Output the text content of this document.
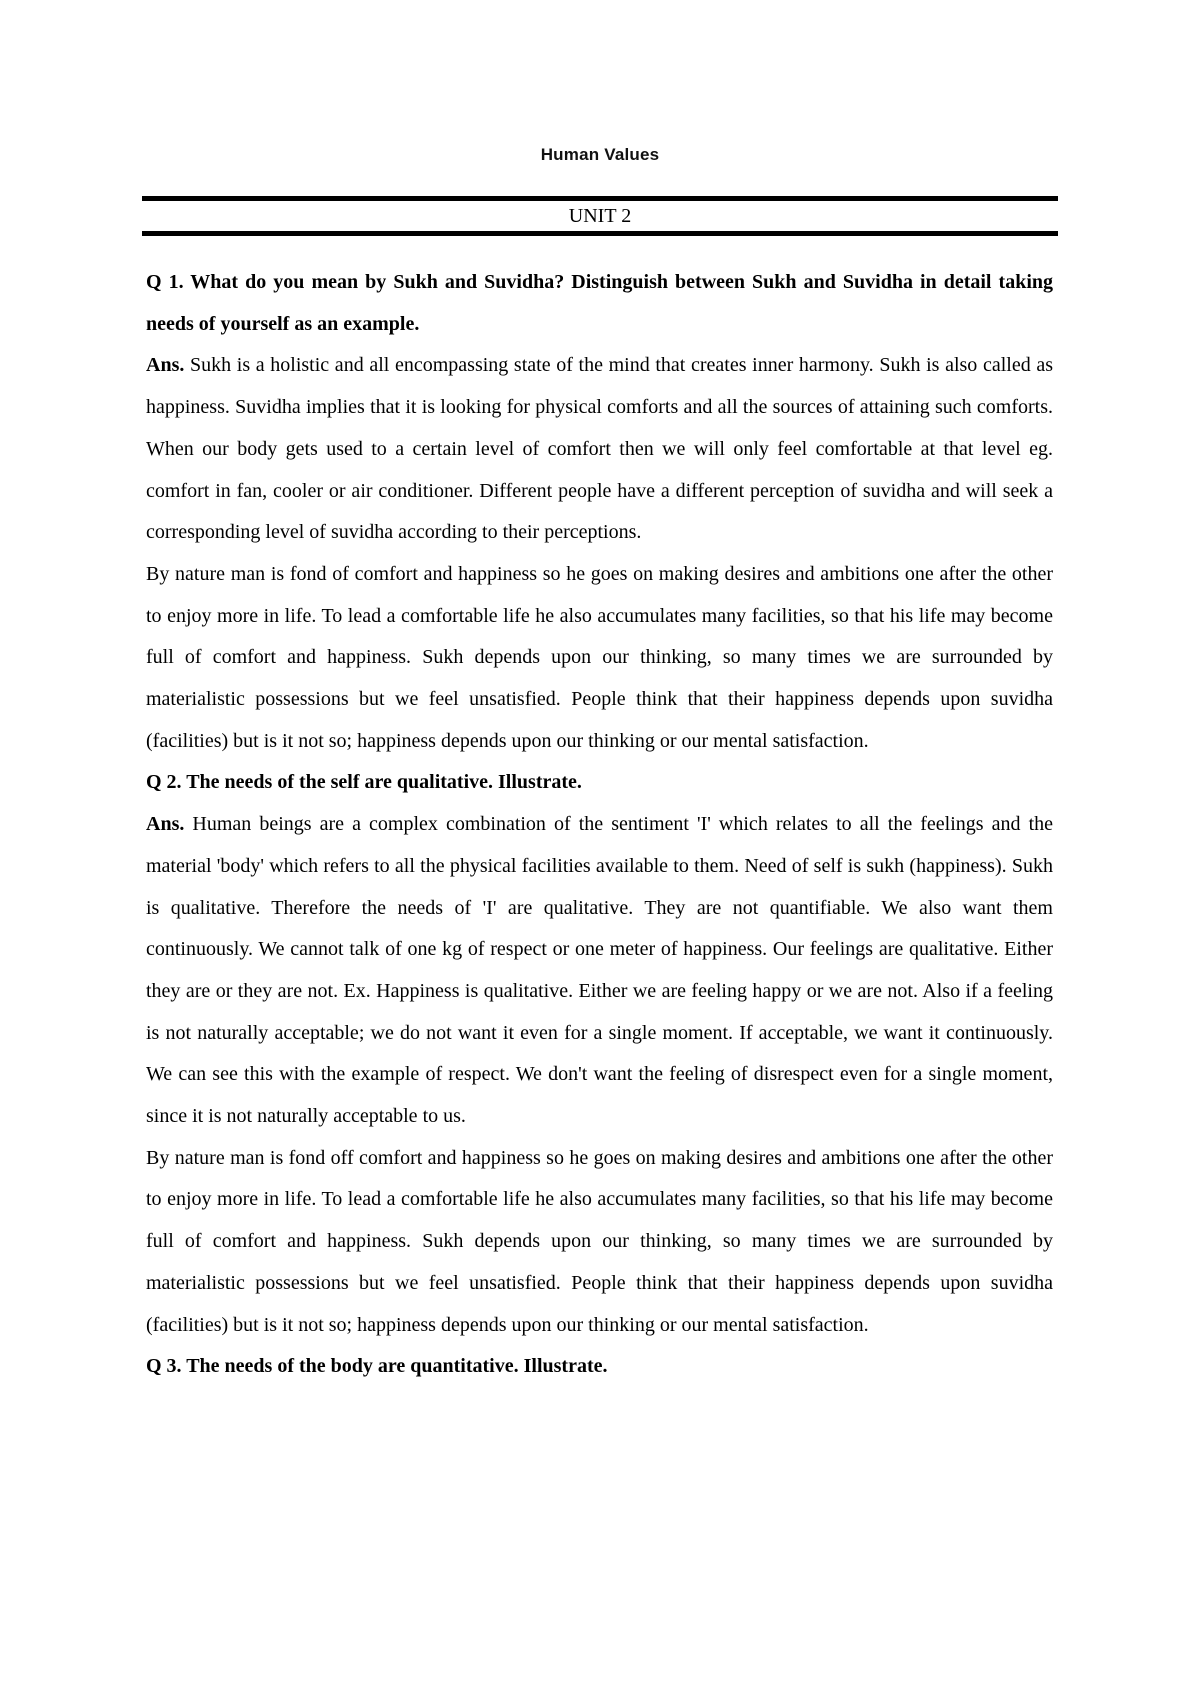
Human Values
UNIT 2

Q 1. What do you mean by Sukh and Suvidha? Distinguish between Sukh and Suvidha in detail taking needs of yourself as an example.

Ans. Sukh is a holistic and all encompassing state of the mind that creates inner harmony. Sukh is also called as happiness. Suvidha implies that it is looking for physical comforts and all the sources of attaining such comforts. When our body gets used to a certain level of comfort then we will only feel comfortable at that level eg. comfort in fan, cooler or air conditioner. Different people have a different perception of suvidha and will seek a corresponding level of suvidha according to their perceptions.

By nature man is fond of comfort and happiness so he goes on making desires and ambitions one after the other to enjoy more in life. To lead a comfortable life he also accumulates many facilities, so that his life may become full of comfort and happiness. Sukh depends upon our thinking, so many times we are surrounded by materialistic possessions but we feel unsatisfied. People think that their happiness depends upon suvidha (facilities) but is it not so; happiness depends upon our thinking or our mental satisfaction.

Q 2. The needs of the self are qualitative. Illustrate.

Ans. Human beings are a complex combination of the sentiment 'I' which relates to all the feelings and the material 'body' which refers to all the physical facilities available to them. Need of self is sukh (happiness). Sukh is qualitative. Therefore the needs of 'I' are qualitative. They are not quantifiable. We also want them continuously. We cannot talk of one kg of respect or one meter of happiness. Our feelings are qualitative. Either they are or they are not. Ex. Happiness is qualitative. Either we are feeling happy or we are not. Also if a feeling is not naturally acceptable; we do not want it even for a single moment. If acceptable, we want it continuously. We can see this with the example of respect. We don't want the feeling of disrespect even for a single moment, since it is not naturally acceptable to us.

By nature man is fond off comfort and happiness so he goes on making desires and ambitions one after the other to enjoy more in life. To lead a comfortable life he also accumulates many facilities, so that his life may become full of comfort and happiness. Sukh depends upon our thinking, so many times we are surrounded by materialistic possessions but we feel unsatisfied. People think that their happiness depends upon suvidha (facilities) but is it not so; happiness depends upon our thinking or our mental satisfaction.

Q 3. The needs of the body are quantitative. Illustrate.
